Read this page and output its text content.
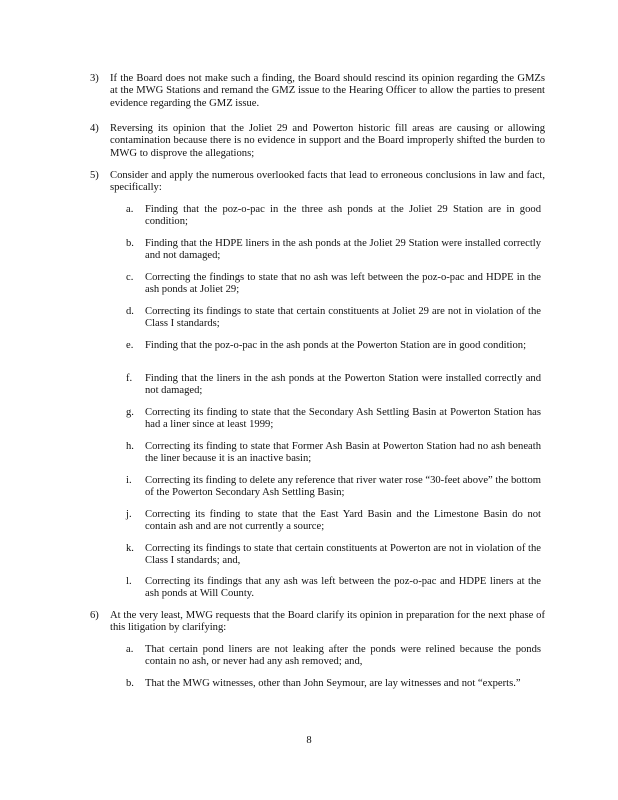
3) If the Board does not make such a finding, the Board should rescind its opinion regarding the GMZs at the MWG Stations and remand the GMZ issue to the Hearing Officer to allow the parties to present evidence regarding the GMZ issue.
4) Reversing its opinion that the Joliet 29 and Powerton historic fill areas are causing or allowing contamination because there is no evidence in support and the Board improperly shifted the burden to MWG to disprove the allegations;
5) Consider and apply the numerous overlooked facts that lead to erroneous conclusions in law and fact, specifically:
a. Finding that the poz-o-pac in the three ash ponds at the Joliet 29 Station are in good condition;
b. Finding that the HDPE liners in the ash ponds at the Joliet 29 Station were installed correctly and not damaged;
c. Correcting the findings to state that no ash was left between the poz-o-pac and HDPE in the ash ponds at Joliet 29;
d. Correcting its findings to state that certain constituents at Joliet 29 are not in violation of the Class I standards;
e. Finding that the poz-o-pac in the ash ponds at the Powerton Station are in good condition;
f. Finding that the liners in the ash ponds at the Powerton Station were installed correctly and not damaged;
g. Correcting its finding to state that the Secondary Ash Settling Basin at Powerton Station has had a liner since at least 1999;
h. Correcting its finding to state that Former Ash Basin at Powerton Station had no ash beneath the liner because it is an inactive basin;
i. Correcting its finding to delete any reference that river water rose “30-feet above” the bottom of the Powerton Secondary Ash Settling Basin;
j. Correcting its finding to state that the East Yard Basin and the Limestone Basin do not contain ash and are not currently a source;
k. Correcting its findings to state that certain constituents at Powerton are not in violation of the Class I standards; and,
l. Correcting its findings that any ash was left between the poz-o-pac and HDPE liners at the ash ponds at Will County.
6) At the very least, MWG requests that the Board clarify its opinion in preparation for the next phase of this litigation by clarifying:
a. That certain pond liners are not leaking after the ponds were relined because the ponds contain no ash, or never had any ash removed; and,
b. That the MWG witnesses, other than John Seymour, are lay witnesses and not “experts.”
8
